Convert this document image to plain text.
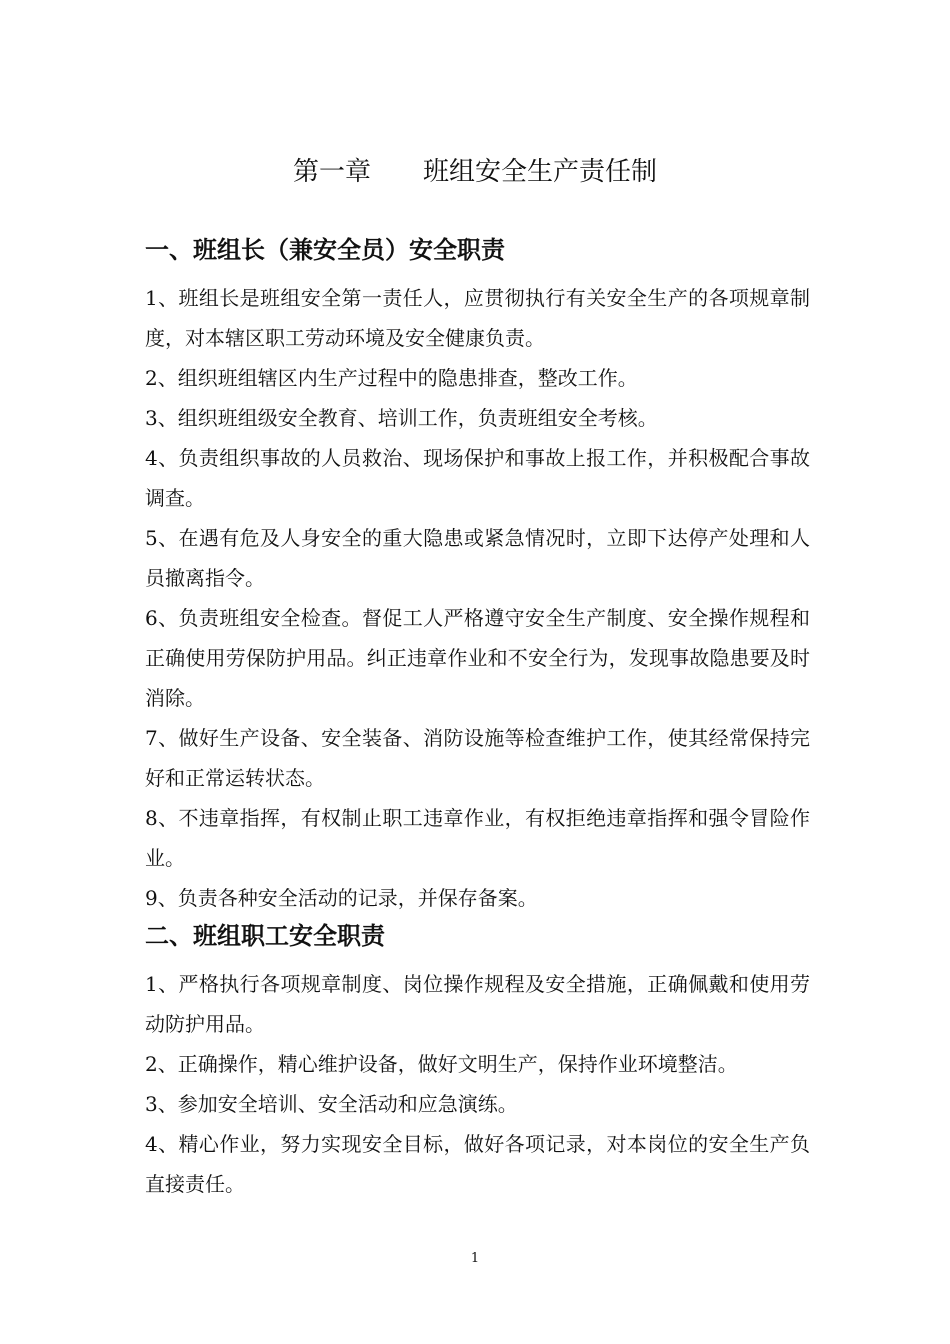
第一章　　班组安全生产责任制
一、班组长（兼安全员）安全职责

1、班组长是班组安全第一责任人，应贯彻执行有关安全生产的各项规章制度，对本辖区职工劳动环境及安全健康负责。

2、组织班组辖区内生产过程中的隐患排查，整改工作。

3、组织班组级安全教育、培训工作，负责班组安全考核。

4、负责组织事故的人员救治、现场保护和事故上报工作，并积极配合事故调查。

5、在遇有危及人身安全的重大隐患或紧急情况时，立即下达停产处理和人员撤离指令。

6、负责班组安全检查。督促工人严格遵守安全生产制度、安全操作规程和正确使用劳保防护用品。纠正违章作业和不安全行为，发现事故隐患要及时消除。

7、做好生产设备、安全装备、消防设施等检查维护工作，使其经常保持完好和正常运转状态。

8、不违章指挥，有权制止职工违章作业，有权拒绝违章指挥和强令冒险作业。

9、负责各种安全活动的记录，并保存备案。

二、班组职工安全职责

1、严格执行各项规章制度、岗位操作规程及安全措施，正确佩戴和使用劳动防护用品。

2、正确操作，精心维护设备，做好文明生产，保持作业环境整洁。

3、参加安全培训、安全活动和应急演练。

4、精心作业，努力实现安全目标，做好各项记录，对本岗位的安全生产负直接责任。

1
